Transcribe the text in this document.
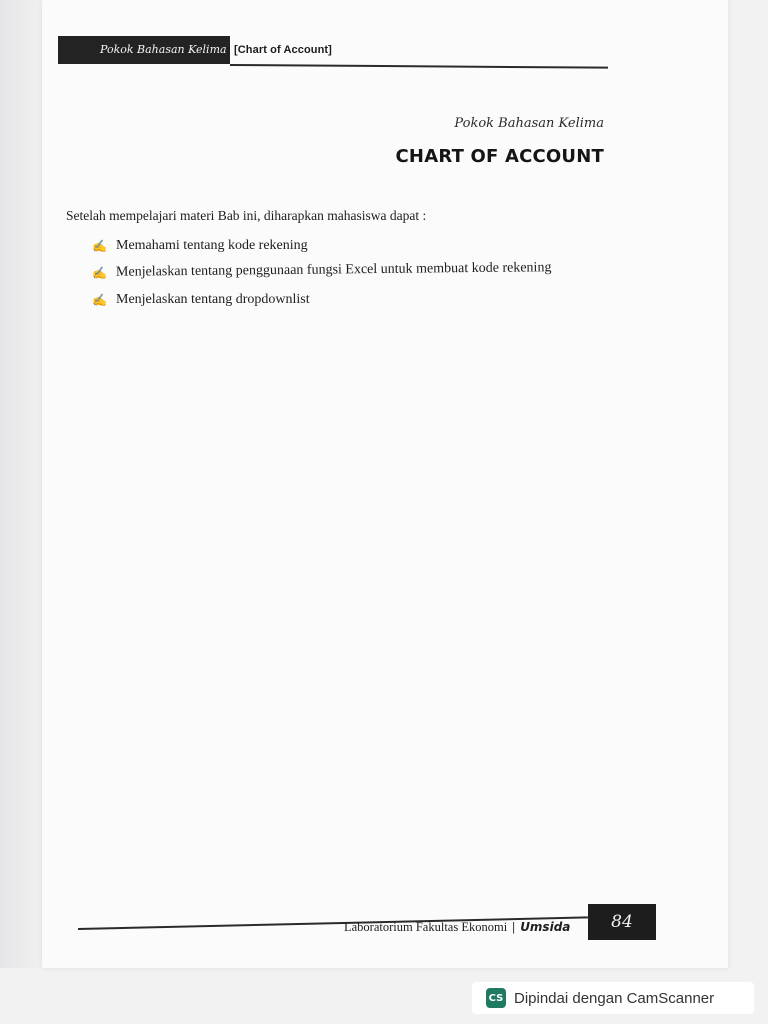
Pokok Bahasan Kelima [Chart of Account]
Pokok Bahasan Kelima
CHART OF ACCOUNT
Setelah mempelajari materi Bab ini, diharapkan mahasiswa dapat :
✍ Memahami tentang kode rekening
✍ Menjelaskan tentang penggunaan fungsi Excel untuk membuat kode rekening
✍ Menjelaskan tentang dropdownlist
Laboratorium Fakultas Ekonomi | Umsida	84
CS Dipindai dengan CamScanner
